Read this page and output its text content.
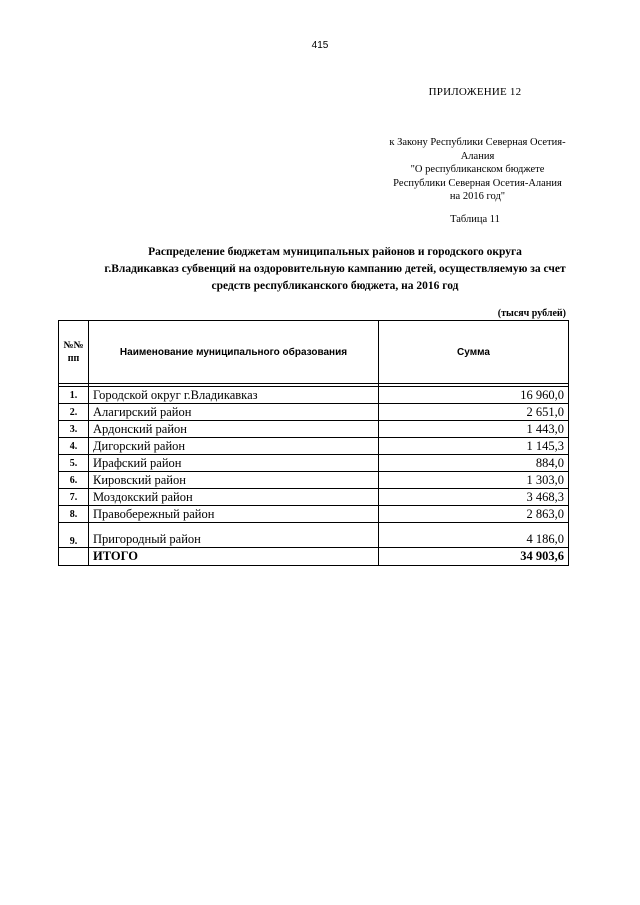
415
ПРИЛОЖЕНИЕ 12
к Закону Республики Северная Осетия-
Алания
"О республиканском бюджете
Республики Северная Осетия-Алания
на 2016 год"
Таблица 11
Распределение бюджетам муниципальных районов и городского округа
г.Владикавказ субвенций на оздоровительную кампанию детей, осуществляемую за счет
средств республиканского бюджета, на 2016 год
(тысяч рублей)
№№
пп	Наименование муниципального образования	Сумма

1.	Городской округ г.Владикавказ	16 960,0
2.	Алагирский район	2 651,0
3.	Ардонский район	1 443,0
4.	Дигорский район	1 145,3
5.	Ирафский район	884,0
6.	Кировский район	1 303,0
7.	Моздокский район	3 468,3
8.	Правобережный район	2 863,0
9.	Пригородный район	4 186,0
	ИТОГО	34 903,6
